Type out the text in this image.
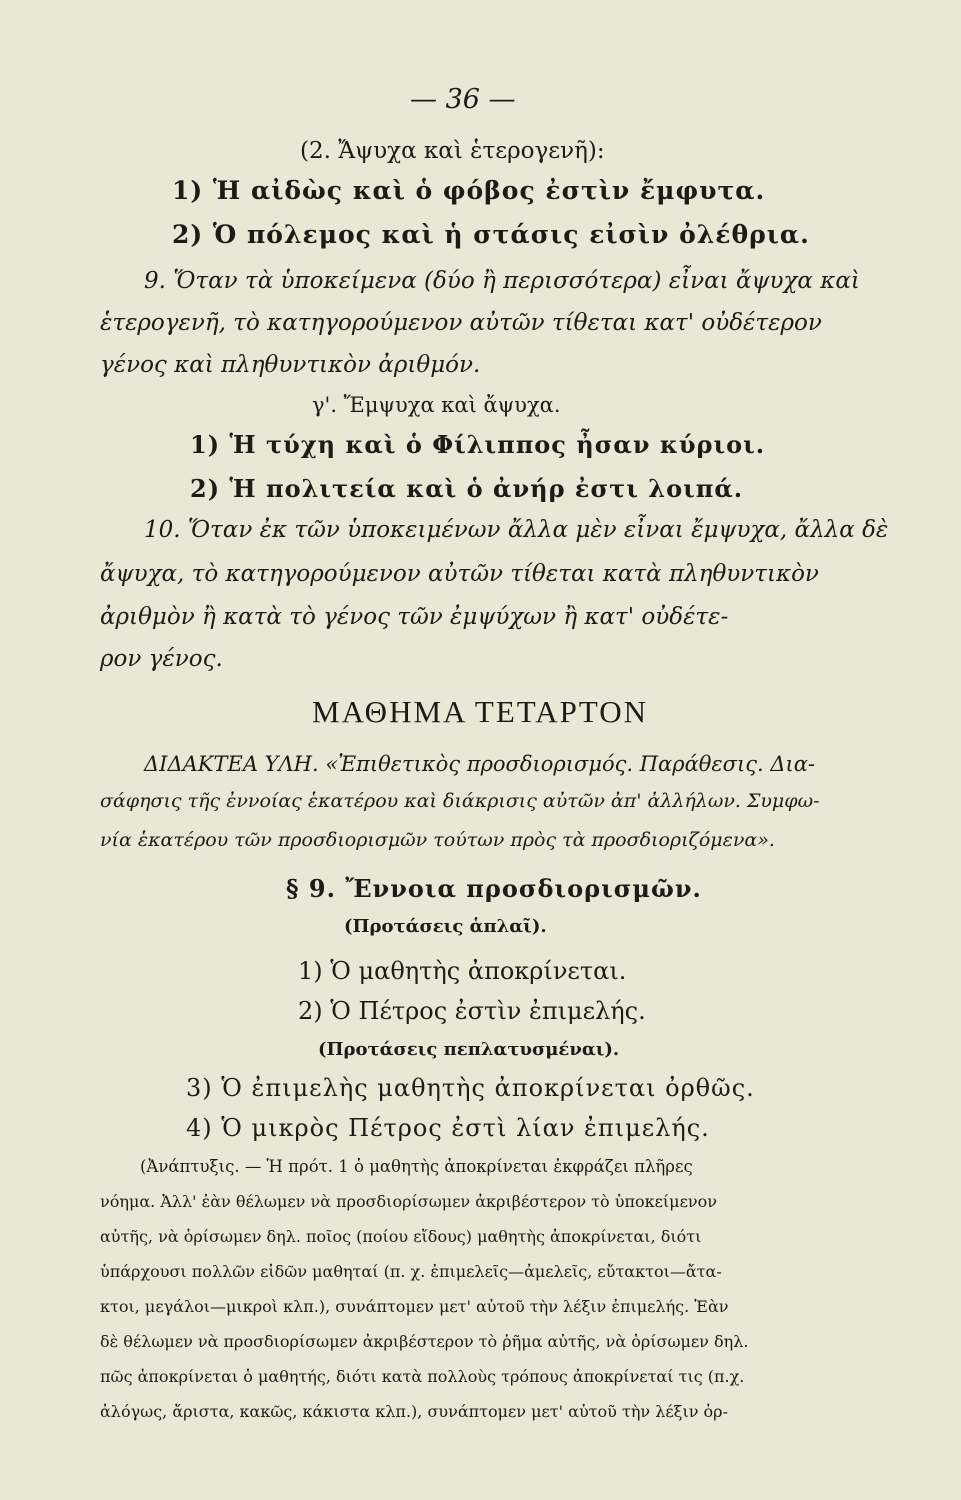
— 36 —
(2. Ἄψυχα καὶ ἑτερογενῆ):
1) Ἡ αἰδὼς καὶ ὁ φόβος ἐστὶν ἔμφυτα.
2) Ὁ πόλεμος καὶ ἡ στάσις εἰσὶν ὀλέθρια.
9. Ὅταν τὰ ὑποκείμενα (δύο ἢ περισσότερα) εἶναι ἄψυχα καὶ
ἑτερογενῆ, τὸ κατηγορούμενον αὐτῶν τίθεται κατ' οὐδέτερον
γένος καὶ πληθυντικὸν ἀριθμόν.
γ'. Ἔμψυχα καὶ ἄψυχα.
1) Ἡ τύχη καὶ ὁ Φίλιππος ἦσαν κύριοι.
2) Ἡ πολιτεία καὶ ὁ ἀνήρ ἐστι λοιπά.
10. Ὅταν ἐκ τῶν ὑποκειμένων ἄλλα μὲν εἶναι ἔμψυχα, ἄλλα δὲ
ἄψυχα, τὸ κατηγορούμενον αὐτῶν τίθεται κατὰ πληθυντικὸν
ἀριθμὸν ἢ κατὰ τὸ γένος τῶν ἐμψύχων ἢ κατ' οὐδέτε-
ρον γένος.
ΜΑΘΗΜΑ ΤΕΤΑΡΤΟΝ
ΔΙΔΑΚΤΕΑ ΥΛΗ. «Ἐπιθετικὸς προσδιορισμός. Παράθεσις. Δια-
σάφησις τῆς ἐννοίας ἑκατέρου καὶ διάκρισις αὐτῶν ἀπ' ἀλλήλων. Συμφω-
νία ἑκατέρου τῶν προσδιορισμῶν τούτων πρὸς τὰ προσδιοριζόμενα».
§ 9. Ἔννοια προσδιορισμῶν.
(Προτάσεις ἁπλαῖ).
1) Ὁ μαθητὴς ἀποκρίνεται.
2) Ὁ Πέτρος ἐστὶν ἐπιμελής.
(Προτάσεις πεπλατυσμέναι).
3) Ὁ ἐπιμελὴς μαθητὴς ἀποκρίνεται ὀρθῶς.
4) Ὁ μικρὸς Πέτρος ἐστὶ λίαν ἐπιμελής.
(Ἀνάπτυξις. — Ἡ πρότ. 1 ὁ μαθητὴς ἀποκρίνεται ἐκφράζει πλῆρες
νόημα. Ἀλλ' ἐὰν θέλωμεν νὰ προσδιορίσωμεν ἀκριβέστερον τὸ ὑποκείμενον
αὐτῆς, νὰ ὁρίσωμεν δηλ. ποῖος (ποίου εἴδους) μαθητὴς ἀποκρίνεται, διότι
ὑπάρχουσι πολλῶν εἰδῶν μαθηταί (π. χ. ἐπιμελεῖς—ἀμελεῖς, εὔτακτοι—ἄτα-
κτοι, μεγάλοι—μικροὶ κλπ.), συνάπτομεν μετ' αὐτοῦ τὴν λέξιν ἐπιμελής. Ἐὰν
δὲ θέλωμεν νὰ προσδιορίσωμεν ἀκριβέστερον τὸ ῥῆμα αὐτῆς, νὰ ὁρίσωμεν δηλ.
πῶς ἀποκρίνεται ὁ μαθητής, διότι κατὰ πολλοὺς τρόπους ἀποκρίνεταί τις (π.χ.
ἀλόγως, ἄριστα, κακῶς, κάκιστα κλπ.), συνάπτομεν μετ' αὐτοῦ τὴν λέξιν ὀρ-
